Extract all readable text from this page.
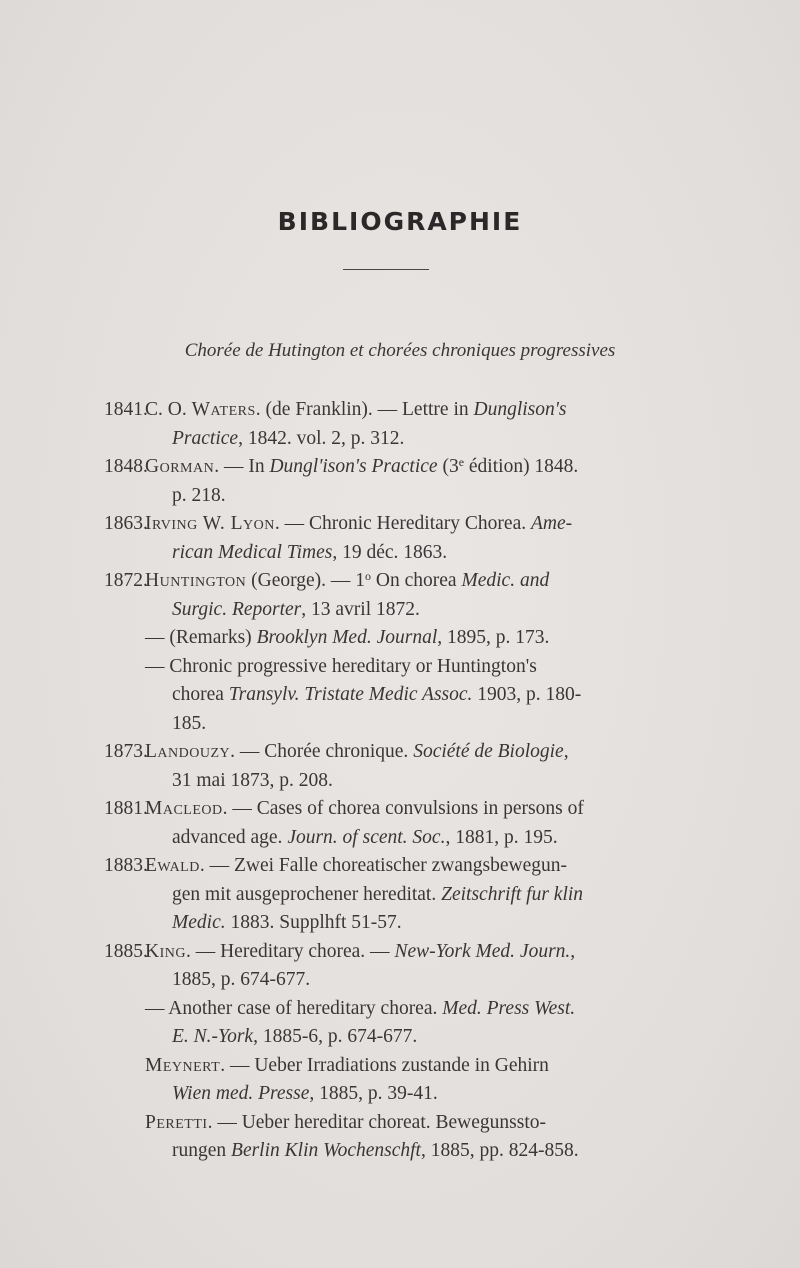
BIBLIOGRAPHIE
Chorée de Hutington et chorées chroniques progressives
1841.
C. O. Waters. (de Franklin). — Lettre in Dunglison's
Practice, 1842. vol. 2, p. 312.
1848.
Gorman. — In Dungl'ison's Practice (3e édition) 1848.
p. 218.
1863.
Irving W. Lyon. — Chronic Hereditary Chorea. Ame-
rican Medical Times, 19 déc. 1863.
1872.
Huntington (George). — 1$^o$ On chorea Medic. and
Surgic. Reporter, 13 avril 1872.
— (Remarks) Brooklyn Med. Journal, 1895, p. 173.
— Chronic progressive hereditary or Huntington's
chorea Transylv. Tristate Medic Assoc. 1903, p. 180-
185.
1873.
Landouzy. — Chorée chronique. Société de Biologie,
31 mai 1873, p. 208.
1881.
Macleod. — Cases of chorea convulsions in persons of
advanced age. Journ. of scent. Soc., 1881, p. 195.
1883.
Ewald. — Zwei Falle choreatischer zwangsbewegun-
gen mit ausgeprochener hereditat. Zeitschrift fur klin
Medic. 1883. Supplhft 51-57.
1885.
King. — Hereditary chorea. — New-York Med. Journ.,
1885, p. 674-677.
— Another case of hereditary chorea. Med. Press West.
E. N.-York, 1885-6, p. 674-677.
Meynert. — Ueber Irradiations zustande in Gehirn
Wien med. Presse, 1885, p. 39-41.
Peretti. — Ueber hereditar choreat. Bewegunssto-
rungen Berlin Klin Wochenschft, 1885, pp. 824-858.
